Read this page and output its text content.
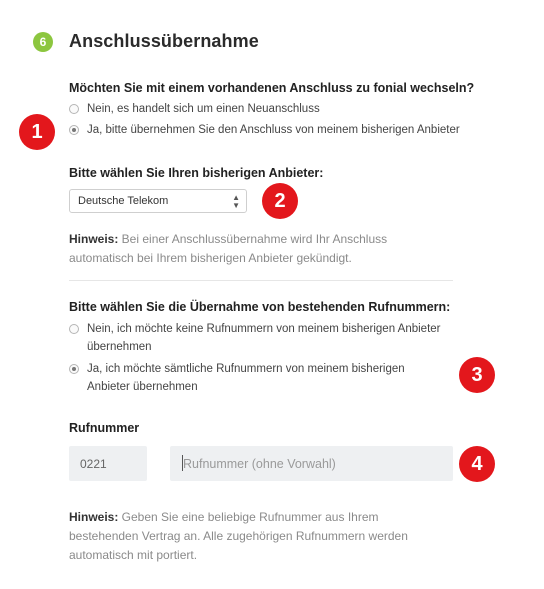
6	Anschlussübernahme
Möchten Sie mit einem vorhandenen Anschluss zu fonial wechseln?
Nein, es handelt sich um einen Neuanschluss
Ja, bitte übernehmen Sie den Anschluss von meinem bisherigen Anbieter
Bitte wählen Sie Ihren bisherigen Anbieter:
Deutsche Telekom	▲
▼
Hinweis: Bei einer Anschlussübernahme wird Ihr Anschluss automatisch bei Ihrem bisherigen Anbieter gekündigt.
Bitte wählen Sie die Übernahme von bestehenden Rufnummern:
Nein, ich möchte keine Rufnummern von meinem bisherigen Anbieter übernehmen
Ja, ich möchte sämtliche Rufnummern von meinem bisherigen Anbieter übernehmen
Rufnummer
0221
Rufnummer (ohne Vorwahl)
Hinweis: Geben Sie eine beliebige Rufnummer aus Ihrem bestehenden Vertrag an. Alle zugehörigen Rufnummern werden automatisch mit portiert.
1
2
3
4
